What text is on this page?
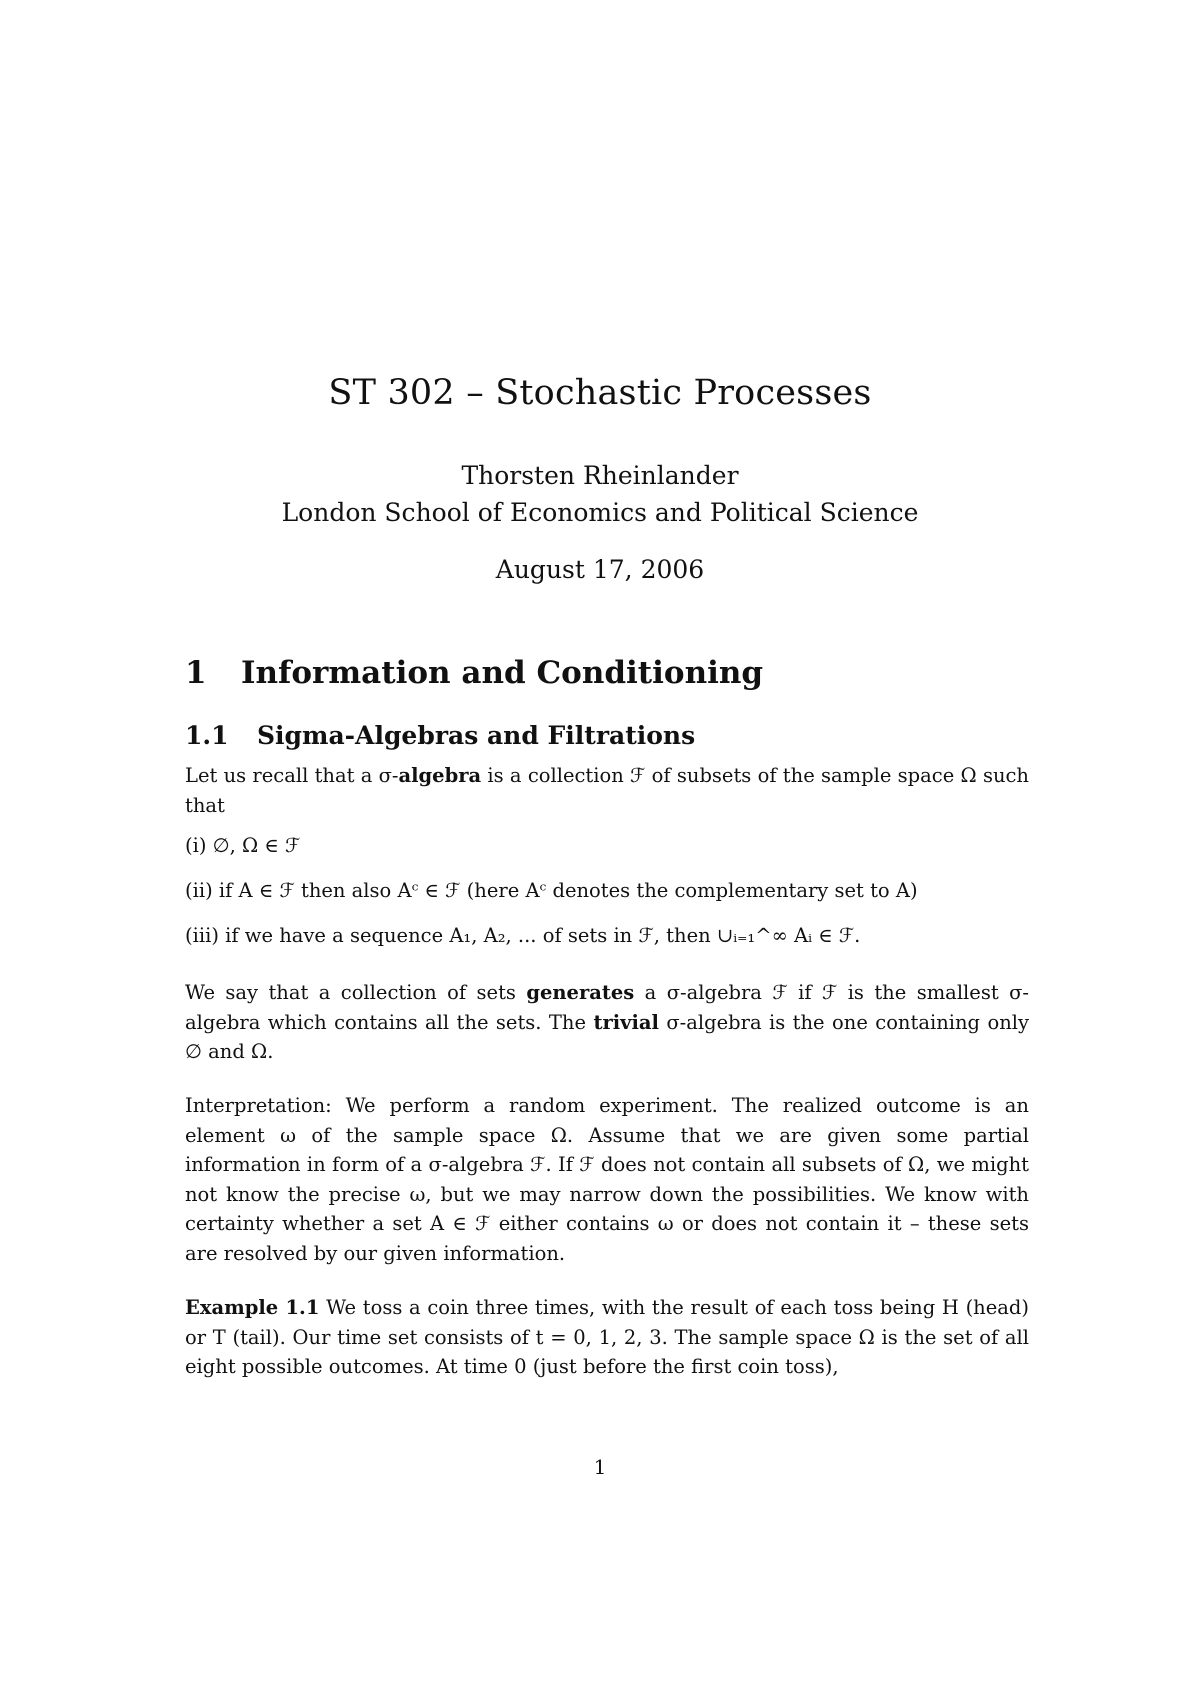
ST 302 – Stochastic Processes
Thorsten Rheinlander
London School of Economics and Political Science
August 17, 2006
1 Information and Conditioning
1.1 Sigma-Algebras and Filtrations
Let us recall that a σ-algebra is a collection ℱ of subsets of the sample space Ω such that
(i) ∅, Ω ∈ ℱ
(ii) if A ∈ ℱ then also Aᶜ ∈ ℱ (here Aᶜ denotes the complementary set to A)
(iii) if we have a sequence A₁, A₂, ... of sets in ℱ, then ∪ᵢ₌₁^∞ Aᵢ ∈ ℱ.
We say that a collection of sets generates a σ-algebra ℱ if ℱ is the smallest σ-algebra which contains all the sets. The trivial σ-algebra is the one containing only ∅ and Ω.
Interpretation: We perform a random experiment. The realized outcome is an element ω of the sample space Ω. Assume that we are given some partial information in form of a σ-algebra ℱ. If ℱ does not contain all subsets of Ω, we might not know the precise ω, but we may narrow down the possibilities. We know with certainty whether a set A ∈ ℱ either contains ω or does not contain it – these sets are resolved by our given information.
Example 1.1 We toss a coin three times, with the result of each toss being H (head) or T (tail). Our time set consists of t = 0, 1, 2, 3. The sample space Ω is the set of all eight possible outcomes. At time 0 (just before the first coin toss),
1
